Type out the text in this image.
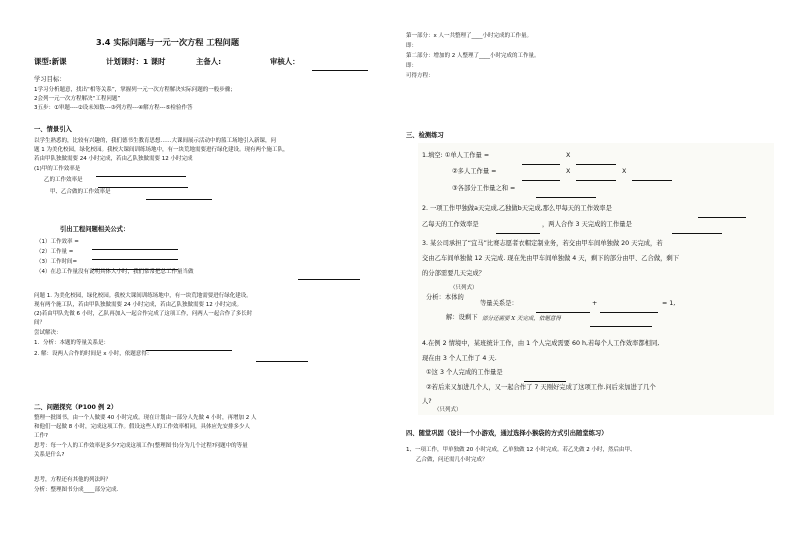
3.4 实际问题与一元一次方程 工程问题
课型:新课	计划课时：1 课时	主备人:	审核人：
学习目标：
1学习分析题意，找出“相等关系”，掌握列一元一次方程解决实际问题的一般步骤；
2会列一元一次方程解决“工程问题”
3五步：①审题----②设未知数---③列方程---④解方程---⑤检验作答
一、情景引入
以学生熟悉的，比较有兴趣的，我们德书生教育思想……大课间展示活动中的篮工场地引入新课，问
题 1 为美化校园，绿化校园。我校大课间训练场地中，有一块荒地需要进行绿化建设。现有两个施工队，
若由甲队独做需要 24 小时完成，若由乙队独做需要 12 小时完成
(1)甲的工作效率是
乙的工作效率是
甲、乙合做的工作效率是
引出工程问题相关公式：
（1）工作效率 =
（2）工作量 =
（3）工作时间=
（4）在总工作量没有说明具体大小时，我们常常把总工作量当做
问题 1. 为美化校园，绿化校园。我校大课间训练场地中，有一块荒地需要进行绿化建设。
现有两个施工队，若由甲队独做需要 24 小时完成，若由乙队独做需要 12 小时完成。
(2)若由甲队先做 6 小时，乙队再加入一起合作完成了这项工作，问两人一起合作了多长时
间？
尝试解决：
1．分析：本题的等量关系是：
2. 解：设两人合作的时间是 x 小时，依题意得：
二、问题探究（P100 例 2）
整理一批图书，由一个人做要 40 小时完成。现在计划由一部分人先做 4 小时，再增加 2 人
和他们一起做 8 小时，完成这项工作。假设这些人的工作效率相同，具体应先安排多少人
工作?
思考：每一个人的工作效率是多少?完成这项工作(整理图书)分为几个过程?问题中的等量
关系是什么?
思考，方程还有其他的列法吗？
分析：整理图书分成____部分完成.
第一部分：x 人一共整理了____小时完成的工作量。
即：
第二部分：增加的 2 人整理了____小时完成的工作量。
即：
可得方程：
三、检测练习
1.填空: ①单人工作量 =	X
②多人工作量 =	X	X
③各部分工作量之和 =
2. 一项工作甲独做a天完成,乙独做b天完成,那么甲每天的工作效率是
乙每天的工作效率是	，两人合作 3 天完成的工作量是
3. 某公司承担了“宜马”比赛志愿者衣帽定制业务，若交由甲车间单独做 20 天完成，若
交由乙车间单独做 12 天完成. 现在先由甲车间单独做 4 天，剩下的部分由甲、乙合做，剩下
的分部需要几天完成？
（只列式）
分析：本体的
等量关系是：	+	= 1,
解：设剩下 部分还需要 X 天完成，依题意得
4.在例 2 情境中，某班统计工作，由 1 个人完成需要 60 h,若每个人工作效率都相同,
现在由 3 个人工作了 4 天.
①这 3 个人完成的工作量是
②若后来又加进几个人，又一起合作了 7 天刚好完成了这项工作.问后来加进了几个
人?
（只列式）
四、随堂巩固（设计一个小游戏，通过选择小猴袋的方式引出随堂练习）
1、一项工作，甲单独做 20 小时完成，乙单独做 12 小时完成。若乙先做 2 小时，然后由甲、
乙合做，问还需几小时完成？
